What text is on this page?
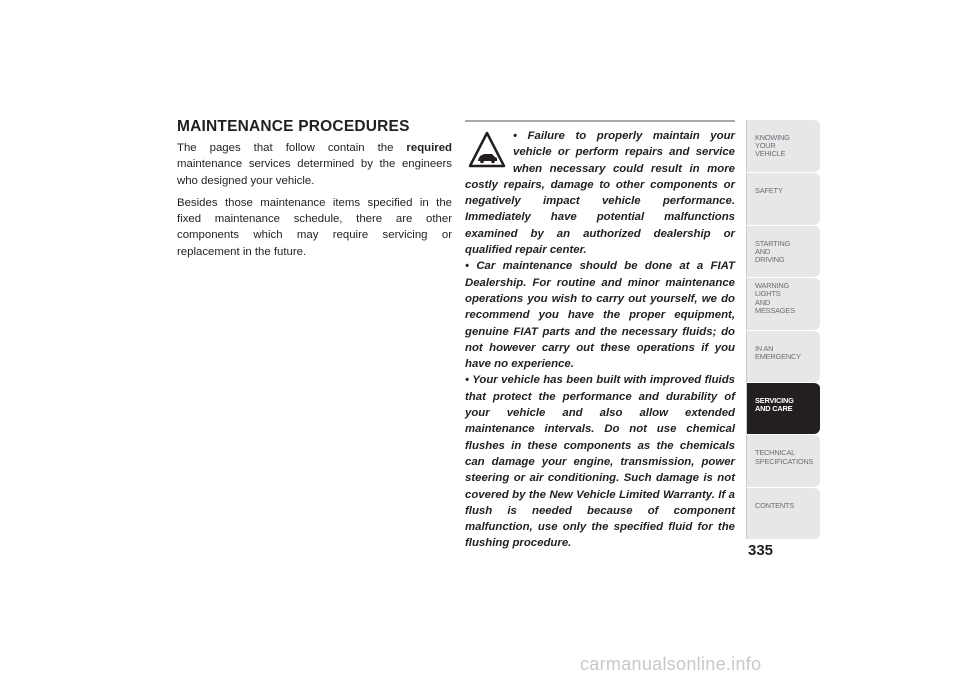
MAINTENANCE PROCEDURES

The pages that follow contain the required maintenance services determined by the engineers who designed your vehicle.

Besides those maintenance items specified in the fixed maintenance schedule, there are other components which may require servicing or replacement in the future.

• Failure to properly maintain your vehicle or perform repairs and service when necessary could result in more costly repairs, damage to other components or negatively impact vehicle performance. Immediately have potential malfunctions examined by an authorized dealership or qualified repair center.

• Car maintenance should be done at a FIAT Dealership. For routine and minor maintenance operations you wish to carry out yourself, we do recommend you have the proper equipment, genuine FIAT parts and the necessary fluids; do not however carry out these operations if you have no experience.

• Your vehicle has been built with improved fluids that protect the performance and durability of your vehicle and also allow extended maintenance intervals. Do not use chemical flushes in these components as the chemicals can damage your engine, transmission, power steering or air conditioning. Such damage is not covered by the New Vehicle Limited Warranty. If a flush is needed because of component malfunction, use only the specified fluid for the flushing procedure.

KNOWING
YOUR
VEHICLE
SAFETY
STARTING
AND
DRIVING
WARNING
LIGHTS
AND
MESSAGES
IN AN
EMERGENCY
SERVICING
AND CARE
TECHNICAL
SPECIFICATIONS
CONTENTS
335
carmanualsonline.info
